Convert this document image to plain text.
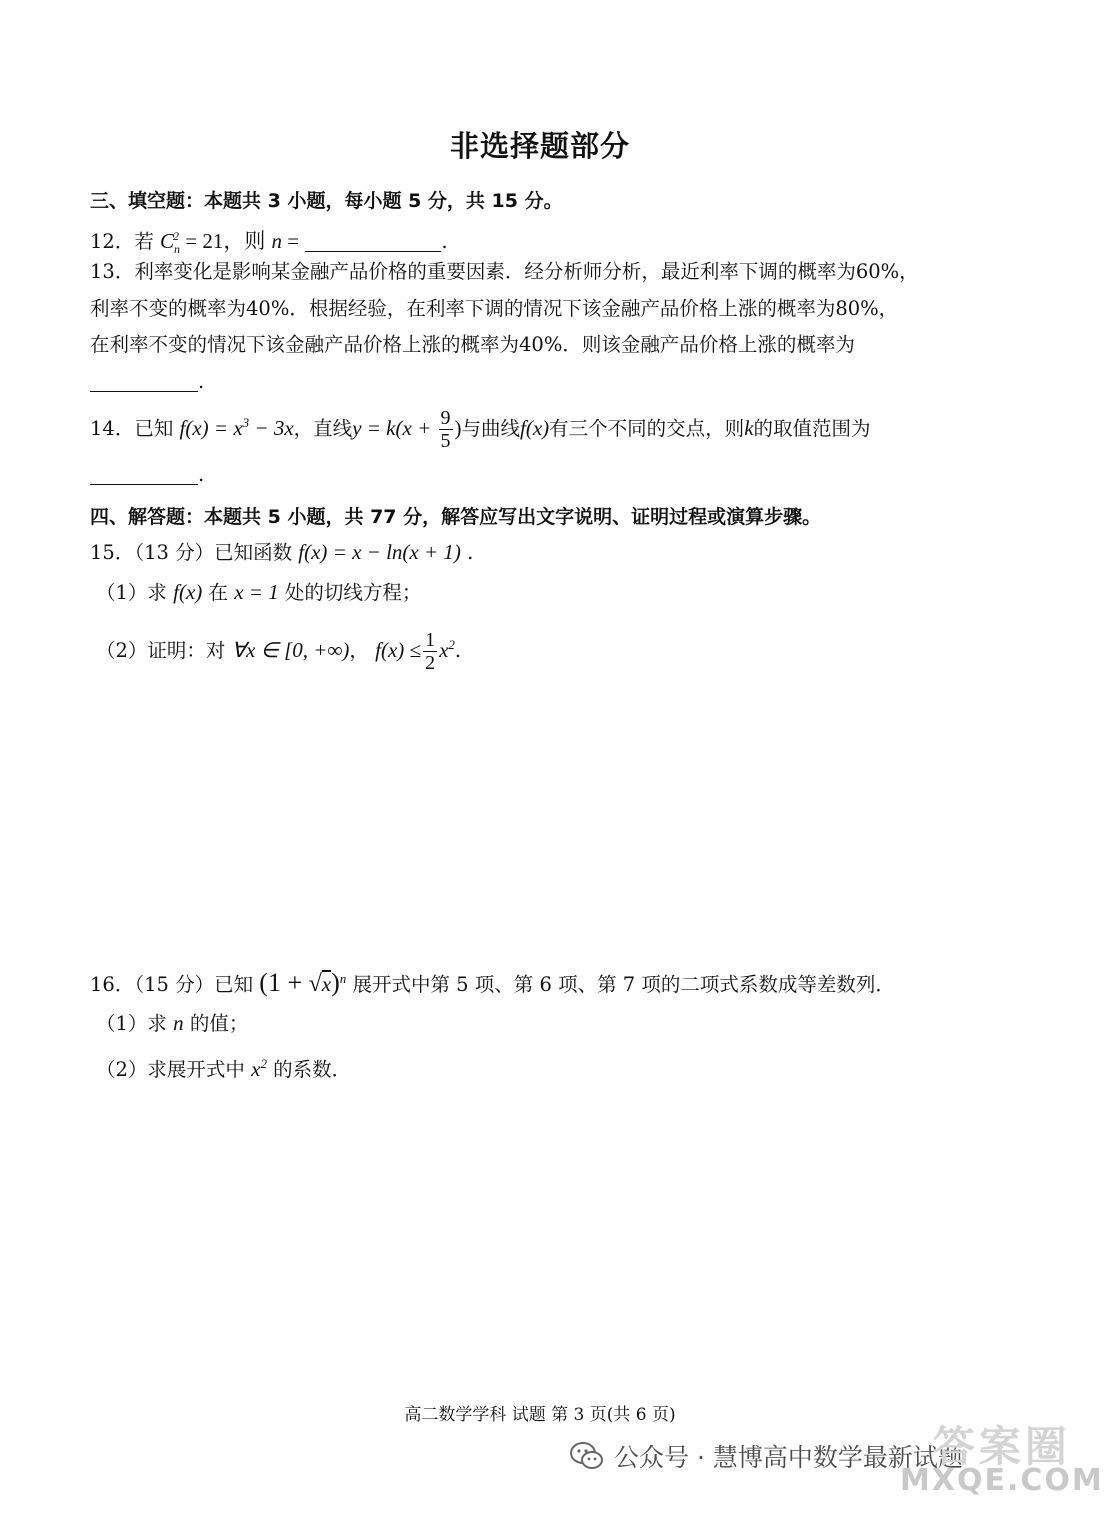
非选择题部分
三、填空题：本题共 3 小题，每小题 5 分，共 15 分。
12．若 $C_n^2 = 21$，则 n =	.
13．利率变化是影响某金融产品价格的重要因素．经分析师分析，最近利率下调的概率为60%，
利率不变的概率为40%．根据经验，在利率下调的情况下该金融产品价格上涨的概率为80%，
在利率不变的情况下该金融产品价格上涨的概率为40%．则该金融产品价格上涨的概率为
.
14．已知 $f(x) = x^3 - 3x$，直线$y = k(x + \frac{9}{5}$ )与曲线f(x)有三个不同的交点，则k的取值范围为
.
四、解答题：本题共 5 小题，共 77 分，解答应写出文字说明、证明过程或演算步骤。
15．（13 分）已知函数 f(x) = x − ln(x + 1) .
（1）求 f(x) 在 x = 1 处的切线方程；
（2）证明：对 ∀x ∈ [0, +∞)， $f(x) \le \frac{1}{2} x^2$.
16．（15 分）已知 $(1 + √x)^n$ 展开式中第 5 项、第 6 项、第 7 项的二项式系数成等差数列．
（1）求 n 的值；
（2）求展开式中 $x^2$ 的系数．
高二数学学科 试题 第 3 页(共 6 页)
公众号 · 慧博高中数学最新试题
答案圈
MXQE.COM
